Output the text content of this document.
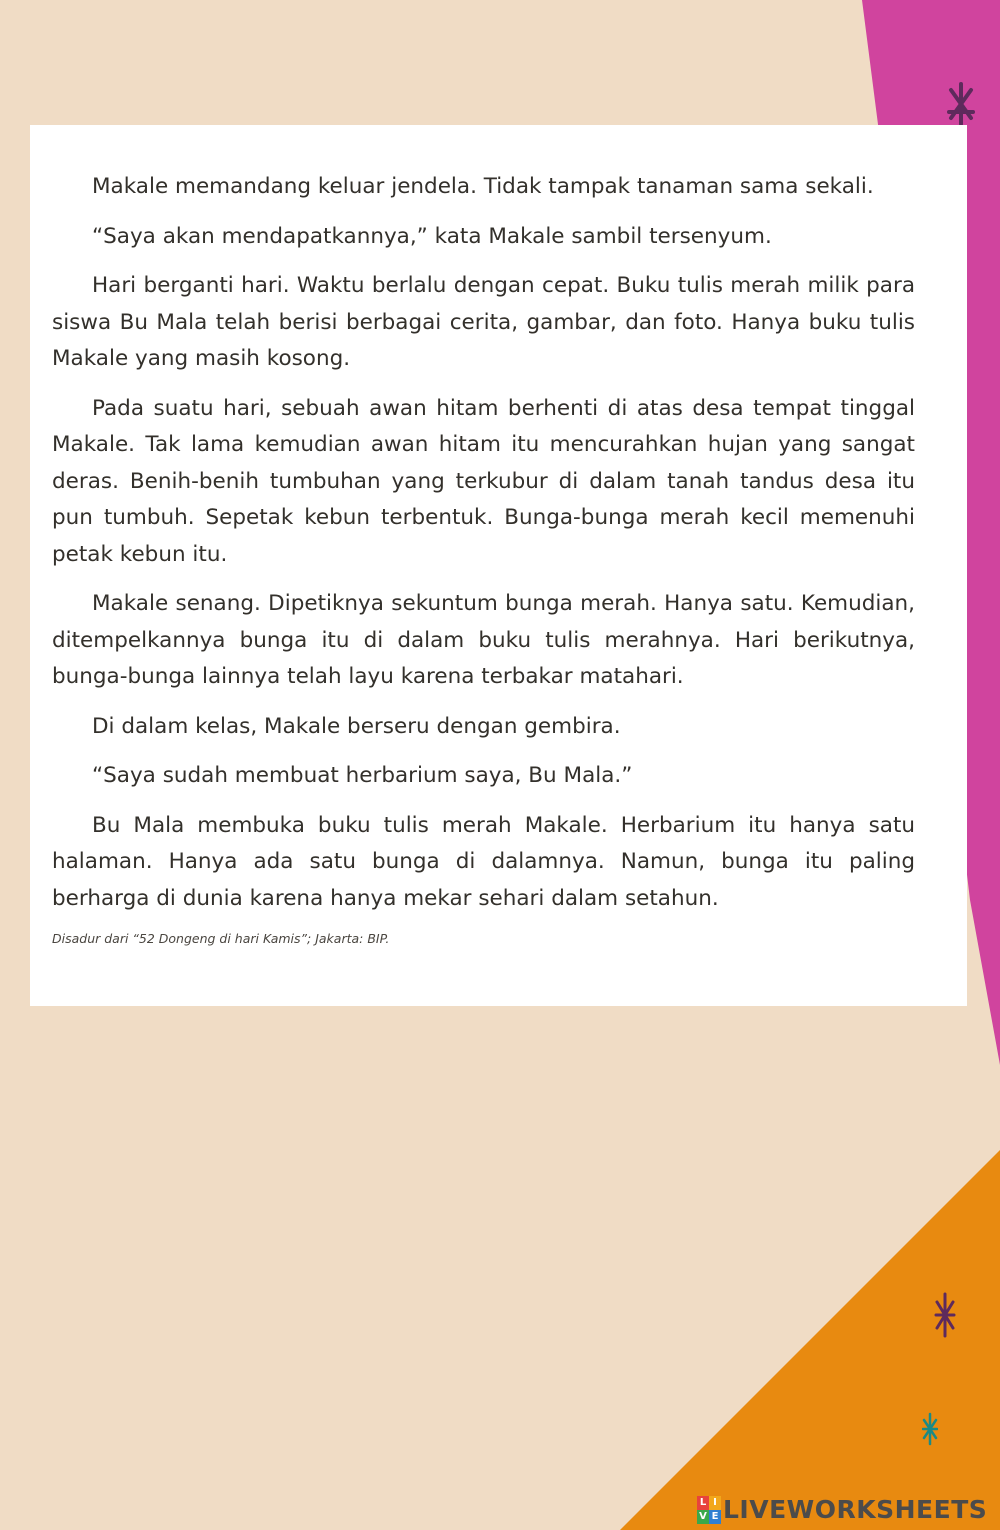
Makale memandang keluar jendela. Tidak tampak tanaman sama sekali.

“Saya akan mendapatkannya,” kata Makale sambil tersenyum.

Hari berganti hari. Waktu berlalu dengan cepat. Buku tulis merah milik para siswa Bu Mala telah berisi berbagai cerita, gambar, dan foto. Hanya buku tulis Makale yang masih kosong.

Pada suatu hari, sebuah awan hitam berhenti di atas desa tempat tinggal Makale. Tak lama kemudian awan hitam itu mencurahkan hujan yang sangat deras. Benih-benih tumbuhan yang terkubur di dalam tanah tandus desa itu pun tumbuh. Sepetak kebun terbentuk. Bunga-bunga merah kecil memenuhi petak kebun itu.

Makale senang. Dipetiknya sekuntum bunga merah. Hanya satu. Kemudian, ditempelkannya bunga itu di dalam buku tulis merahnya. Hari berikutnya, bunga-bunga lainnya telah layu karena terbakar matahari.

Di dalam kelas, Makale berseru dengan gembira.

“Saya sudah membuat herbarium saya, Bu Mala.”

Bu Mala membuka buku tulis merah Makale. Herbarium itu hanya satu halaman. Hanya ada satu bunga di dalamnya. Namun, bunga itu paling berharga di dunia karena hanya mekar sehari dalam setahun.

Disadur dari “52 Dongeng di hari Kamis”; Jakarta: BIP.

L I
V E LIVEWORKSHEETS
